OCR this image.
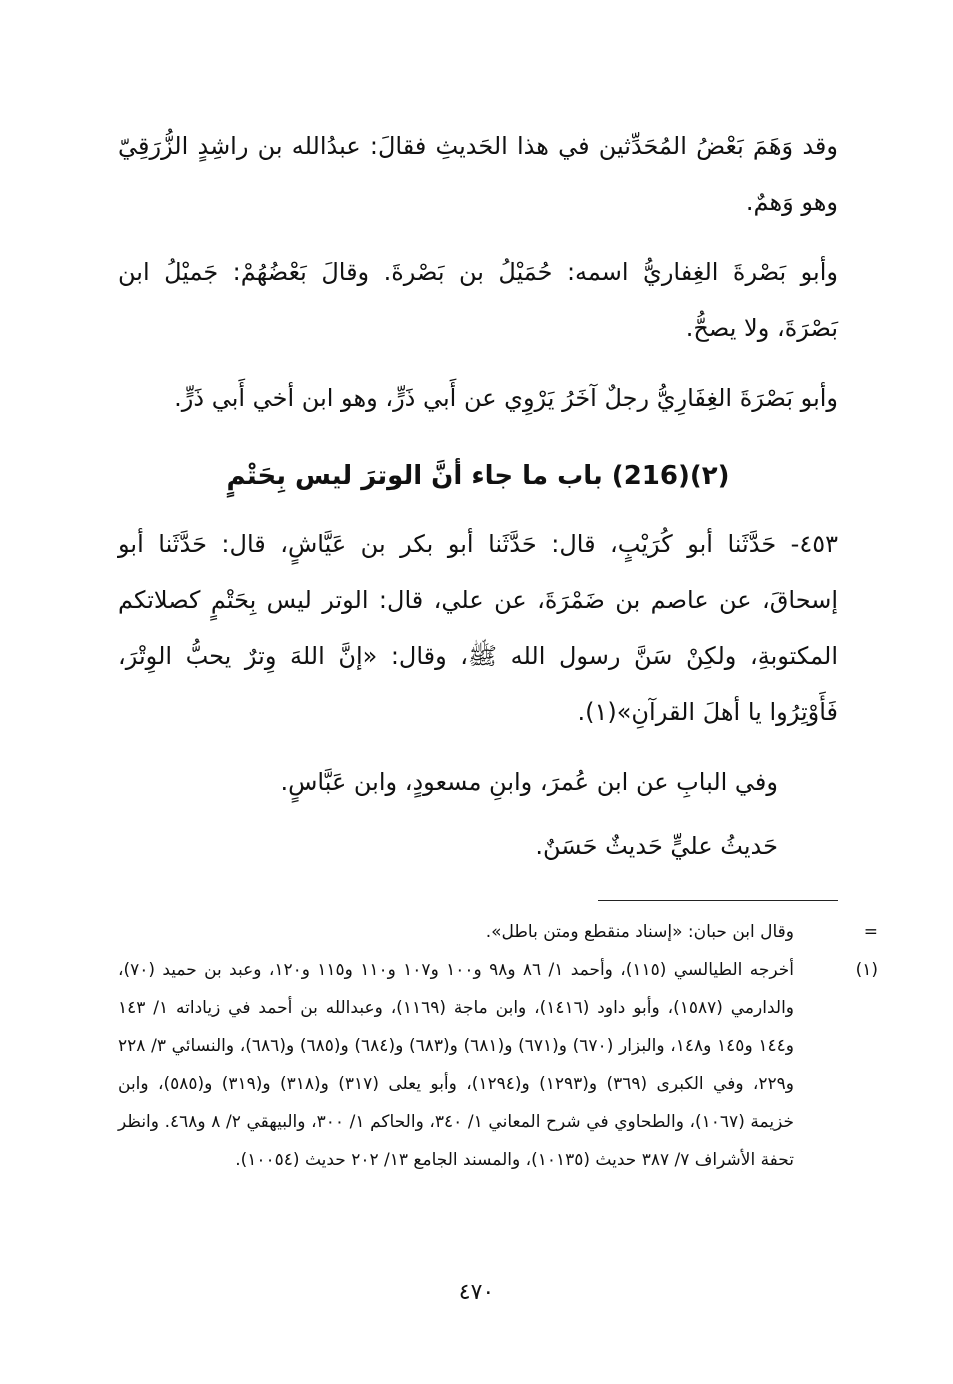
وقد وَهَمَ بَعْضُ المُحَدِّثين في هذا الحَديثِ فقالَ: عبدُالله بن راشِدٍ الزُّرَقِيّ وهو وَهمٌ.

وأبو بَصْرةَ الغِفاريُّ اسمه: حُمَيْلُ بن بَصْرةَ. وقالَ بَعْضُهُمْ: جَميْلُ ابن بَصْرَةَ، ولا يصحُّ.

وأبو بَصْرَةَ الغِفَارِيُّ رجلٌ آخَرُ يَرْوِي عن أَبي ذَرٍّ، وهو ابن أخي أَبي ذَرٍّ.

(٢)(216) باب ما جاء أنَّ الوترَ ليس بِحَتْمٍ

٤٥٣- حَدَّثَنا أبو كُرَيْبٍ، قال: حَدَّثَنا أبو بكر بن عَيَّاشٍ، قال: حَدَّثَنا أبو إسحاقَ، عن عاصم بن ضَمْرَةَ، عن علي، قال: الوتر ليس بِحَتْمٍ كصلاتكم المكتوبةِ، ولكِنْ سَنَّ رسول الله ﷺ، وقال: «إنَّ اللهَ وِترٌ يحبُّ الوِتْرَ، فَأَوْتِرُوا يا أهلَ القرآنِ»(١).

وفي البابِ عن ابن عُمرَ، وابنِ مسعودٍ، وابن عَبَّاسٍ.

حَديثُ عليٍّ حَديثٌ حَسَنٌ.

=
وقال ابن حبان: «إسناد منقطع ومتن باطل».
(١)
أخرجه الطيالسي (١١٥)، وأحمد ١/ ٨٦ و٩٨ و١٠٠ و١٠٧ و١١٠ و١١٥ و١٢٠، وعبد بن حميد (٧٠)، والدارمي (١٥٨٧)، وأبو داود (١٤١٦)، وابن ماجة (١١٦٩)، وعبدالله بن أحمد في زياداته ١/ ١٤٣ و١٤٤ و١٤٥ و١٤٨، والبزار (٦٧٠) و(٦٧١) و(٦٨١) و(٦٨٣) و(٦٨٤) و(٦٨٥) و(٦٨٦)، والنسائي ٣/ ٢٢٨ و٢٢٩، وفي الكبرى (٣٦٩) و(١٢٩٣) و(١٢٩٤)، وأبو يعلى (٣١٧) و(٣١٨) و(٣١٩) و(٥٨٥)، وابن خزيمة (١٠٦٧)، والطحاوي في شرح المعاني ١/ ٣٤٠، والحاكم ١/ ٣٠٠، والبيهقي ٢/ ٨ و٤٦٨. وانظر تحفة الأشراف ٧/ ٣٨٧ حديث (١٠١٣٥)، والمسند الجامع ١٣/ ٢٠٢ حديث (١٠٠٥٤).
٤٧٠
